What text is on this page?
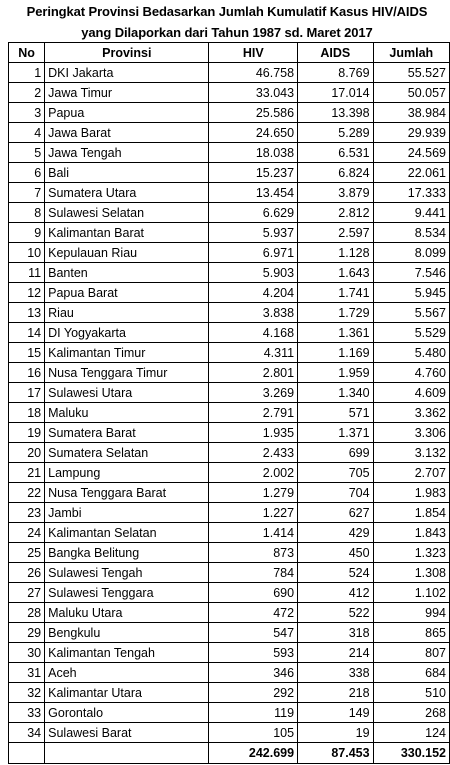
Peringkat Provinsi Bedasarkan Jumlah Kumulatif Kasus HIV/AIDS
yang Dilaporkan dari Tahun 1987 sd. Maret 2017
No	Provinsi	HIV	AIDS	Jumlah
1	DKI Jakarta	46.758	8.769	55.527
2	Jawa Timur	33.043	17.014	50.057
3	Papua	25.586	13.398	38.984
4	Jawa Barat	24.650	5.289	29.939
5	Jawa Tengah	18.038	6.531	24.569
6	Bali	15.237	6.824	22.061
7	Sumatera Utara	13.454	3.879	17.333
8	Sulawesi Selatan	6.629	2.812	9.441
9	Kalimantan Barat	5.937	2.597	8.534
10	Kepulauan Riau	6.971	1.128	8.099
11	Banten	5.903	1.643	7.546
12	Papua Barat	4.204	1.741	5.945
13	Riau	3.838	1.729	5.567
14	DI Yogyakarta	4.168	1.361	5.529
15	Kalimantan Timur	4.311	1.169	5.480
16	Nusa Tenggara Timur	2.801	1.959	4.760
17	Sulawesi Utara	3.269	1.340	4.609
18	Maluku	2.791	571	3.362
19	Sumatera Barat	1.935	1.371	3.306
20	Sumatera Selatan	2.433	699	3.132
21	Lampung	2.002	705	2.707
22	Nusa Tenggara Barat	1.279	704	1.983
23	Jambi	1.227	627	1.854
24	Kalimantan Selatan	1.414	429	1.843
25	Bangka Belitung	873	450	1.323
26	Sulawesi Tengah	784	524	1.308
27	Sulawesi Tenggara	690	412	1.102
28	Maluku Utara	472	522	994
29	Bengkulu	547	318	865
30	Kalimantan Tengah	593	214	807
31	Aceh	346	338	684
32	Kalimantar Utara	292	218	510
33	Gorontalo	119	149	268
34	Sulawesi Barat	105	19	124
		242.699	87.453	330.152
